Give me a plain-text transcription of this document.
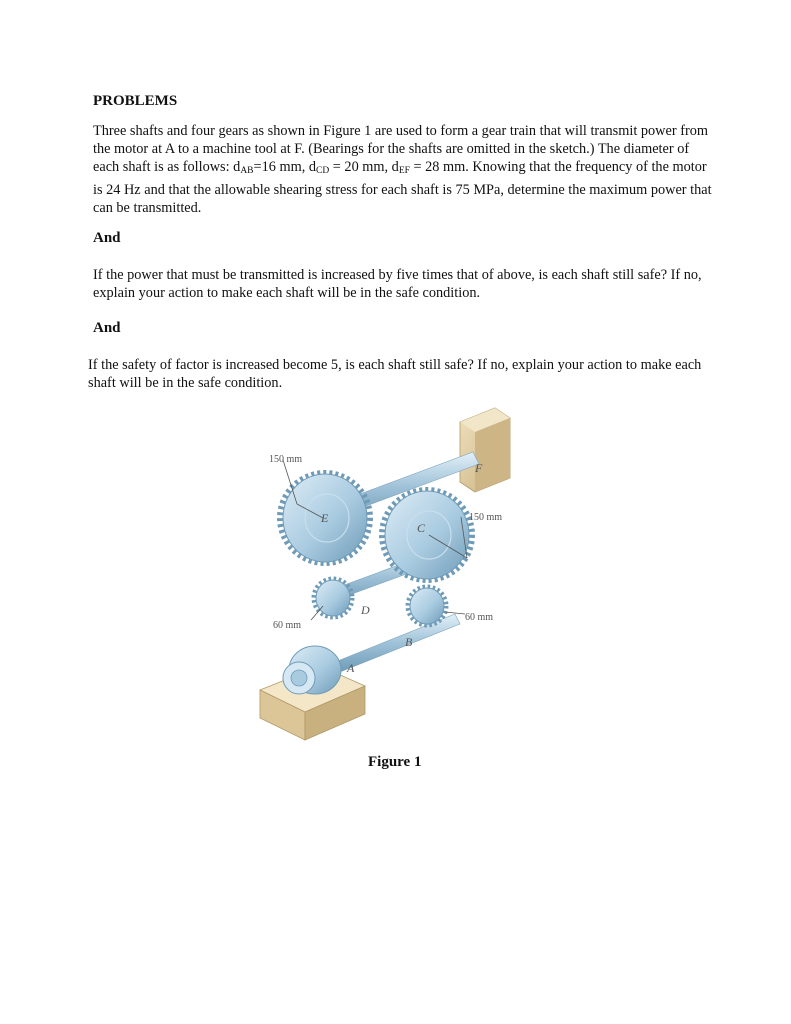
PROBLEMS

Three shafts and four gears as shown in Figure 1 are used to form a gear train that will transmit power from the motor at A to a machine tool at F. (Bearings for the shafts are omitted in the sketch.) The diameter of each shaft is as follows: $d_{AB}=16$ mm, $d_{CD} = 20$ mm, $d_{EF} = 28$ mm. Knowing that the frequency of the motor is 24 Hz and that the allowable shearing stress for each shaft is 75 MPa, determine the maximum power that can be transmitted.

And

If the power that must be transmitted is increased by five times that of above, is each shaft still safe? If no, explain your action to make each shaft will be in the safe condition.

And

If the safety of factor is increased become 5, is each shaft still safe? If no, explain your action to make each shaft will be in the safe condition.

150 mm
150 mm
60 mm
60 mm
A
B
C
D
E
F

Figure 1
